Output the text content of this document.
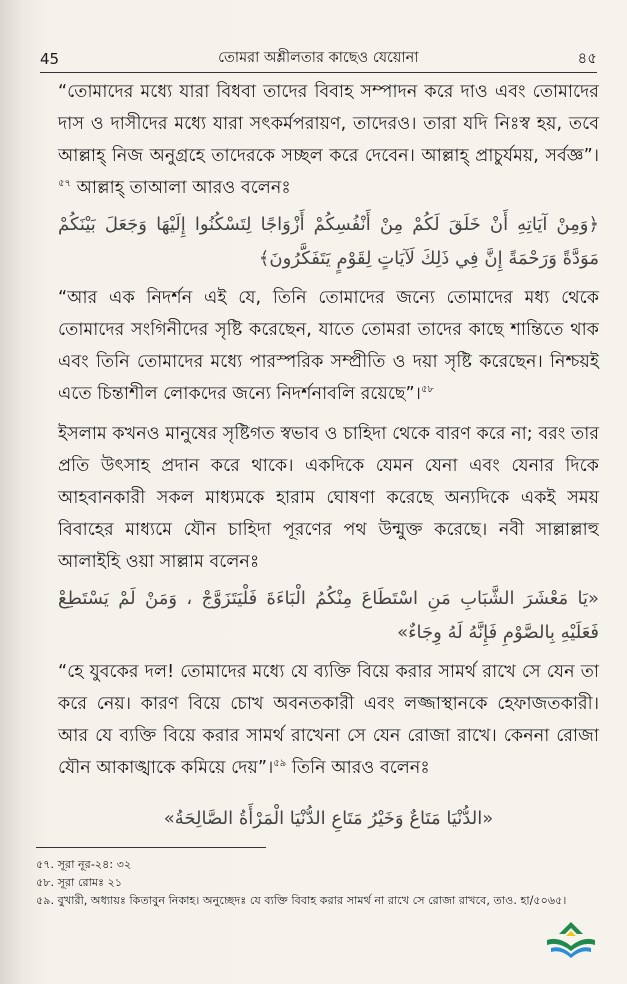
45	তোমরা অশ্লীলতার কাছেও যেয়োনা	৪৫

“তোমাদের মধ্যে যারা বিধবা তাদের বিবাহ সম্পাদন করে দাও এবং তোমাদের দাস ও দাসীদের মধ্যে যারা সৎকর্মপরায়ণ, তাদেরও। তারা যদি নিঃস্ব হয়, তবে আল্লাহ্ নিজ অনুগ্রহে তাদেরকে সচ্ছল করে দেবেন। আল্লাহ্ প্রাচুর্যময়, সর্বজ্ঞ”।$^{৫৭}$ আল্লাহ্ তাআলা আরও বলেনঃ

﴿وَمِنْ آيَاتِهِ أَنْ خَلَقَ لَكُمْ مِنْ أَنْفُسِكُمْ أَزْوَاجًا لِتَسْكُنُوا إِلَيْهَا وَجَعَلَ بَيْنَكُمْ مَوَدَّةً وَرَحْمَةً إِنَّ فِي ذَلِكَ لَآيَاتٍ لِقَوْمٍ يَتَفَكَّرُونَ﴾

“আর এক নিদর্শন এই যে, তিনি তোমাদের জন্যে তোমাদের মধ্য থেকে তোমাদের সংগিনীদের সৃষ্টি করেছেন, যাতে তোমরা তাদের কাছে শান্তিতে থাক এবং তিনি তোমাদের মধ্যে পারস্পরিক সম্প্রীতি ও দয়া সৃষ্টি করেছেন। নিশ্চয়ই এতে চিন্তাশীল লোকদের জন্যে নিদর্শনাবলি রয়েছে”।$^{৫৮}$

ইসলাম কখনও মানুষের সৃষ্টিগত স্বভাব ও চাহিদা থেকে বারণ করে না; বরং তার প্রতি উৎসাহ প্রদান করে থাকে। একদিকে যেমন যেনা এবং যেনার দিকে আহবানকারী সকল মাধ্যমকে হারাম ঘোষণা করেছে অন্যদিকে একই সময় বিবাহের মাধ্যমে যৌন চাহিদা পূরণের পথ উন্মুক্ত করেছে। নবী সাল্লাল্লাহু আলাইহি ওয়া সাল্লাম বলেনঃ

«يَا مَعْشَرَ الشَّبَابِ مَنِ اسْتَطَاعَ مِنْكُمُ الْبَاءَةَ فَلْيَتَزَوَّجْ ، وَمَنْ لَمْ يَسْتَطِعْ فَعَلَيْهِ بِالصَّوْمِ فَإِنَّهُ لَهُ وِجَاءٌ»

“হে যুবকের দল! তোমাদের মধ্যে যে ব্যক্তি বিয়ে করার সামর্থ রাখে সে যেন তা করে নেয়। কারণ বিয়ে চোখ অবনতকারী এবং লজ্জাস্থানকে হেফাজতকারী। আর যে ব্যক্তি বিয়ে করার সামর্থ রাখেনা সে যেন রোজা রাখে। কেননা রোজা যৌন আকাঙ্খাকে কমিয়ে দেয়”।$^{৫৯}$ তিনি আরও বলেনঃ

«الدُّنْيَا مَتَاعٌ وَخَيْرُ مَتَاعِ الدُّنْيَا الْمَرْأَةُ الصَّالِحَةُ»

৫৭. সূরা নূর-২৪: ৩২
৫৮. সূরা রোমঃ ২১
৫৯. বুখারী, অধ্যায়ঃ কিতাবুন নিকাহ। অনুচ্ছেদঃ যে ব্যক্তি বিবাহ করার সামর্থ না রাখে সে রোজা রাখবে, তাও. হা/৫০৬৫।
